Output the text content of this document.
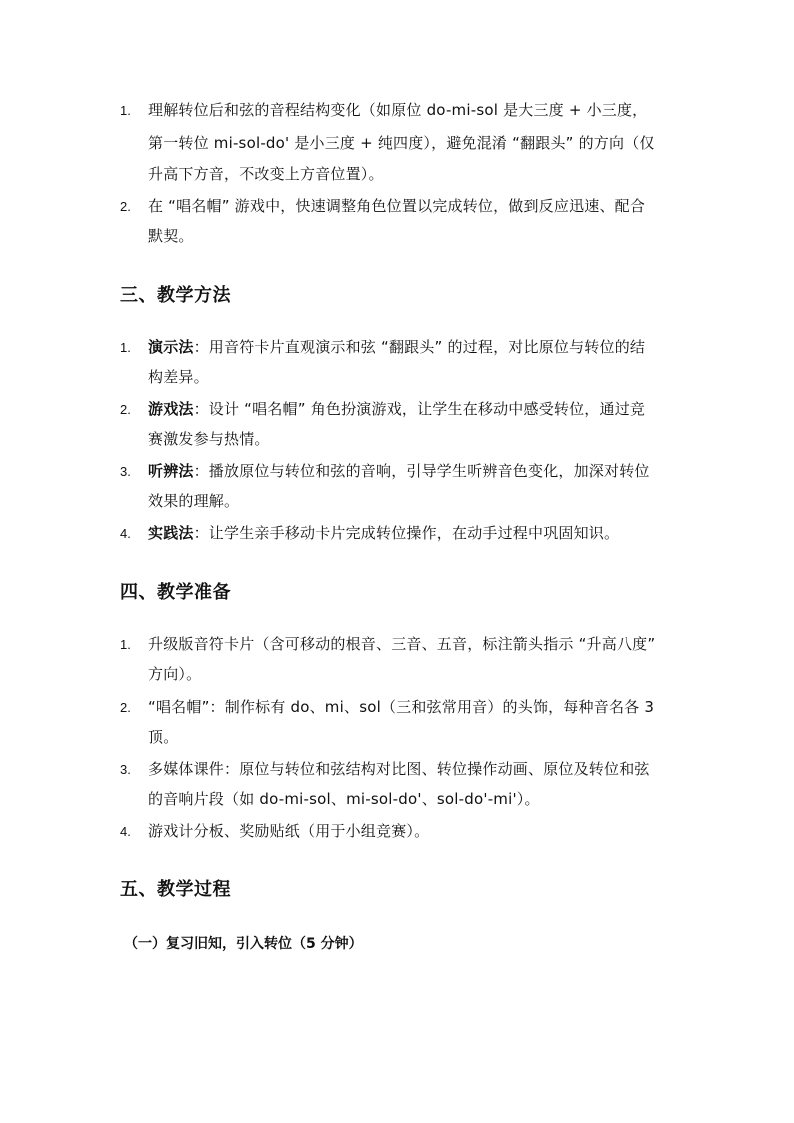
1. 理解转位后和弦的音程结构变化（如原位 do-mi-sol 是大三度 + 小三度，
第一转位 mi-sol-do' 是小三度 + 纯四度），避免混淆 “翻跟头” 的方向（仅
升高下方音，不改变上方音位置）。
2. 在 “唱名帽” 游戏中，快速调整角色位置以完成转位，做到反应迅速、配合
默契。
三、教学方法
1. 演示法：用音符卡片直观演示和弦 “翻跟头” 的过程，对比原位与转位的结
构差异。
2. 游戏法：设计 “唱名帽” 角色扮演游戏，让学生在移动中感受转位，通过竞
赛激发参与热情。
3. 听辨法：播放原位与转位和弦的音响，引导学生听辨音色变化，加深对转位
效果的理解。
4. 实践法：让学生亲手移动卡片完成转位操作，在动手过程中巩固知识。
四、教学准备
1. 升级版音符卡片（含可移动的根音、三音、五音，标注箭头指示 “升高八度”
方向）。
2. “唱名帽”：制作标有 do、mi、sol（三和弦常用音）的头饰，每种音名各 3
顶。
3. 多媒体课件：原位与转位和弦结构对比图、转位操作动画、原位及转位和弦
的音响片段（如 do-mi-sol、mi-sol-do'、sol-do'-mi'）。
4. 游戏计分板、奖励贴纸（用于小组竞赛）。
五、教学过程
（一）复习旧知，引入转位（5 分钟）
